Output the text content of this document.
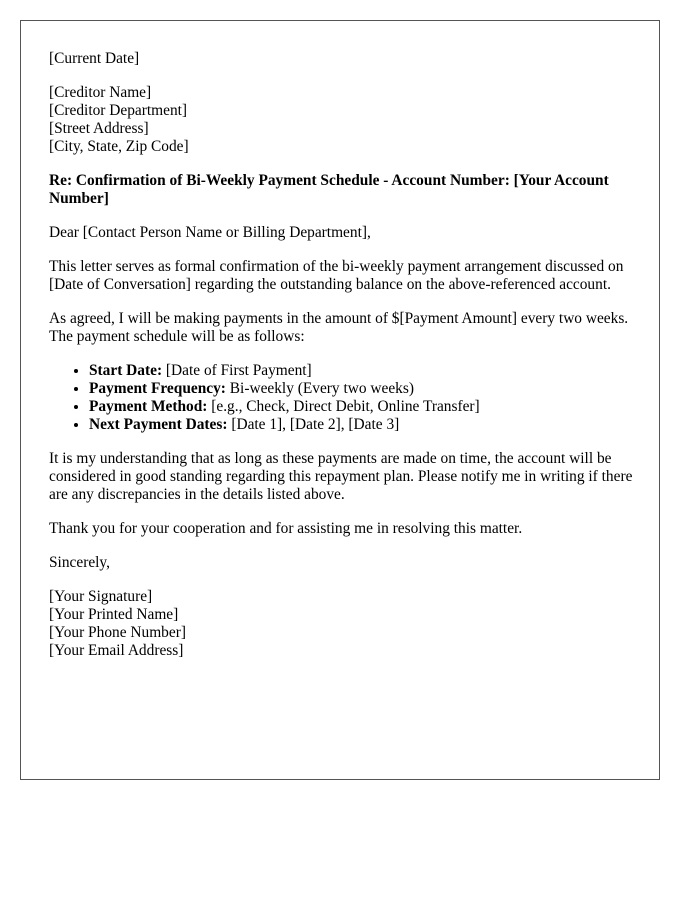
[Current Date]
[Creditor Name]
[Creditor Department]
[Street Address]
[City, State, Zip Code]
Re: Confirmation of Bi-Weekly Payment Schedule - Account Number: [Your Account Number]
Dear [Contact Person Name or Billing Department],
This letter serves as formal confirmation of the bi-weekly payment arrangement discussed on [Date of Conversation] regarding the outstanding balance on the above-referenced account.
As agreed, I will be making payments in the amount of $[Payment Amount] every two weeks. The payment schedule will be as follows:
• Start Date: [Date of First Payment]
• Payment Frequency: Bi-weekly (Every two weeks)
• Payment Method: [e.g., Check, Direct Debit, Online Transfer]
• Next Payment Dates: [Date 1], [Date 2], [Date 3]
It is my understanding that as long as these payments are made on time, the account will be considered in good standing regarding this repayment plan. Please notify me in writing if there are any discrepancies in the details listed above.
Thank you for your cooperation and for assisting me in resolving this matter.
Sincerely,
[Your Signature]
[Your Printed Name]
[Your Phone Number]
[Your Email Address]
